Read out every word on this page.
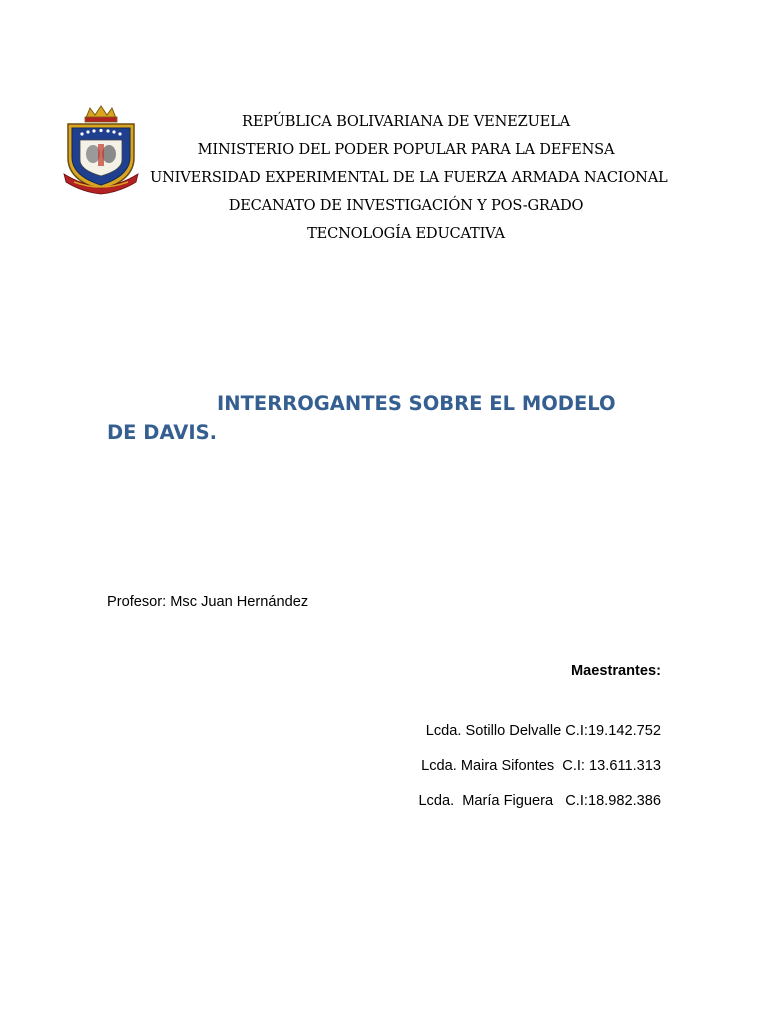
REPÚBLICA BOLIVARIANA DE VENEZUELA
MINISTERIO DEL PODER POPULAR PARA LA DEFENSA
UNIVERSIDAD EXPERIMENTAL DE LA FUERZA ARMADA NACIONAL
DECANATO DE INVESTIGACIÓN Y POS-GRADO
TECNOLOGÍA EDUCATIVA
INTERROGANTES SOBRE EL MODELO DE DAVIS.
Profesor: Msc Juan Hernández
Maestrantes:
Lcda. Sotillo Delvalle C.I:19.142.752
Lcda. Maira Sifontes  C.I: 13.611.313
Lcda.  María Figuera   C.I:18.982.386
